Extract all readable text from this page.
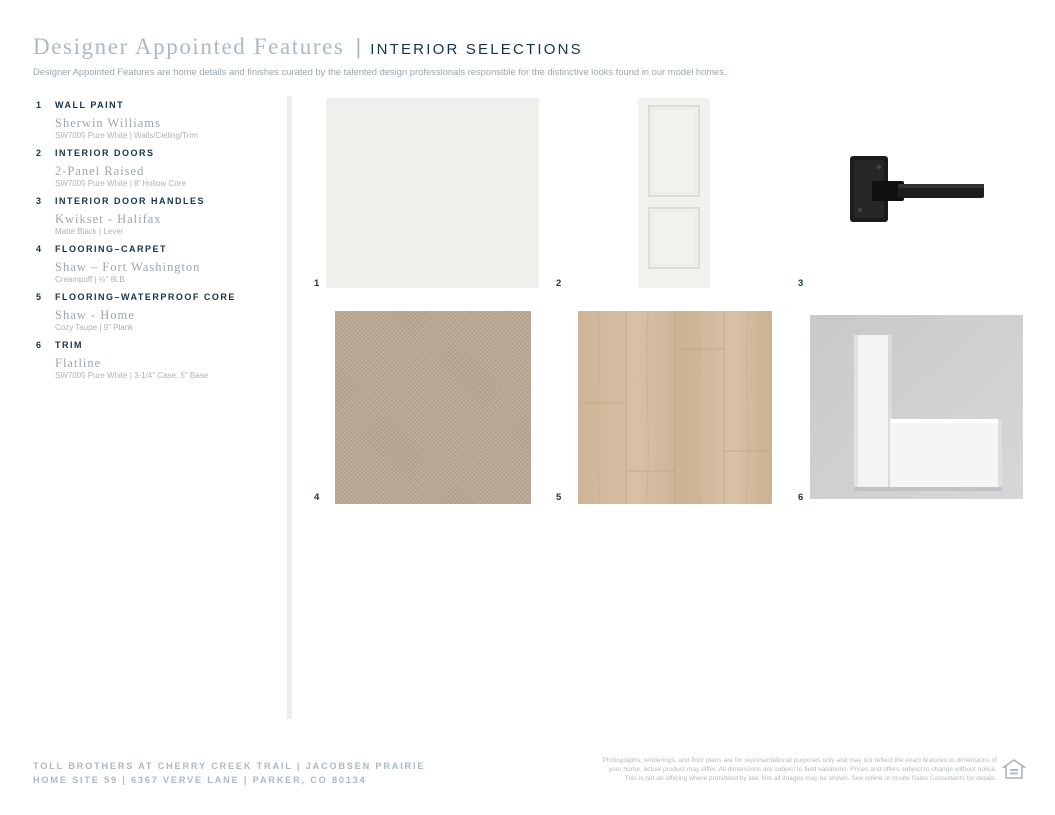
Designer Appointed Features | INTERIOR SELECTIONS
Designer Appointed Features are home details and finishes curated by the talented design professionals responsible for the distinctive looks found in our model homes.
1	WALL PAINT
Sherwin Williams
SW7005 Pure White | Walls/Ceiling/Trim
2	INTERIOR DOORS
2-Panel Raised
SW7005 Pure White | 8' Hollow Core
3	INTERIOR DOOR HANDLES
Kwikset - Halifax
Matte Black | Lever
4	FLOORING–CARPET
Shaw – Fort Washington
Creampuff | ½" 8LB
5	FLOORING–WATERPROOF CORE
Shaw - Home
Cozy Taupe | 9" Plank
6	TRIM
Flatline
SW7005 Pure White | 3-1/4" Case, 5" Base
1	2	3
4	5	6
TOLL BROTHERS AT CHERRY CREEK TRAIL | JACOBSEN PRAIRIE
HOME SITE 59 | 6367 VERVE LANE | PARKER, CO 80134
Photographs, renderings, and floor plans are for representational purposes only and may not reflect the exact features or dimensions of
your home; actual product may differ. All dimensions are subject to field variations. Prices and offers subject to change without notice.
This is not an offering where prohibited by law. Not all images may be shown. See online or onsite Sales Consultants for details.
